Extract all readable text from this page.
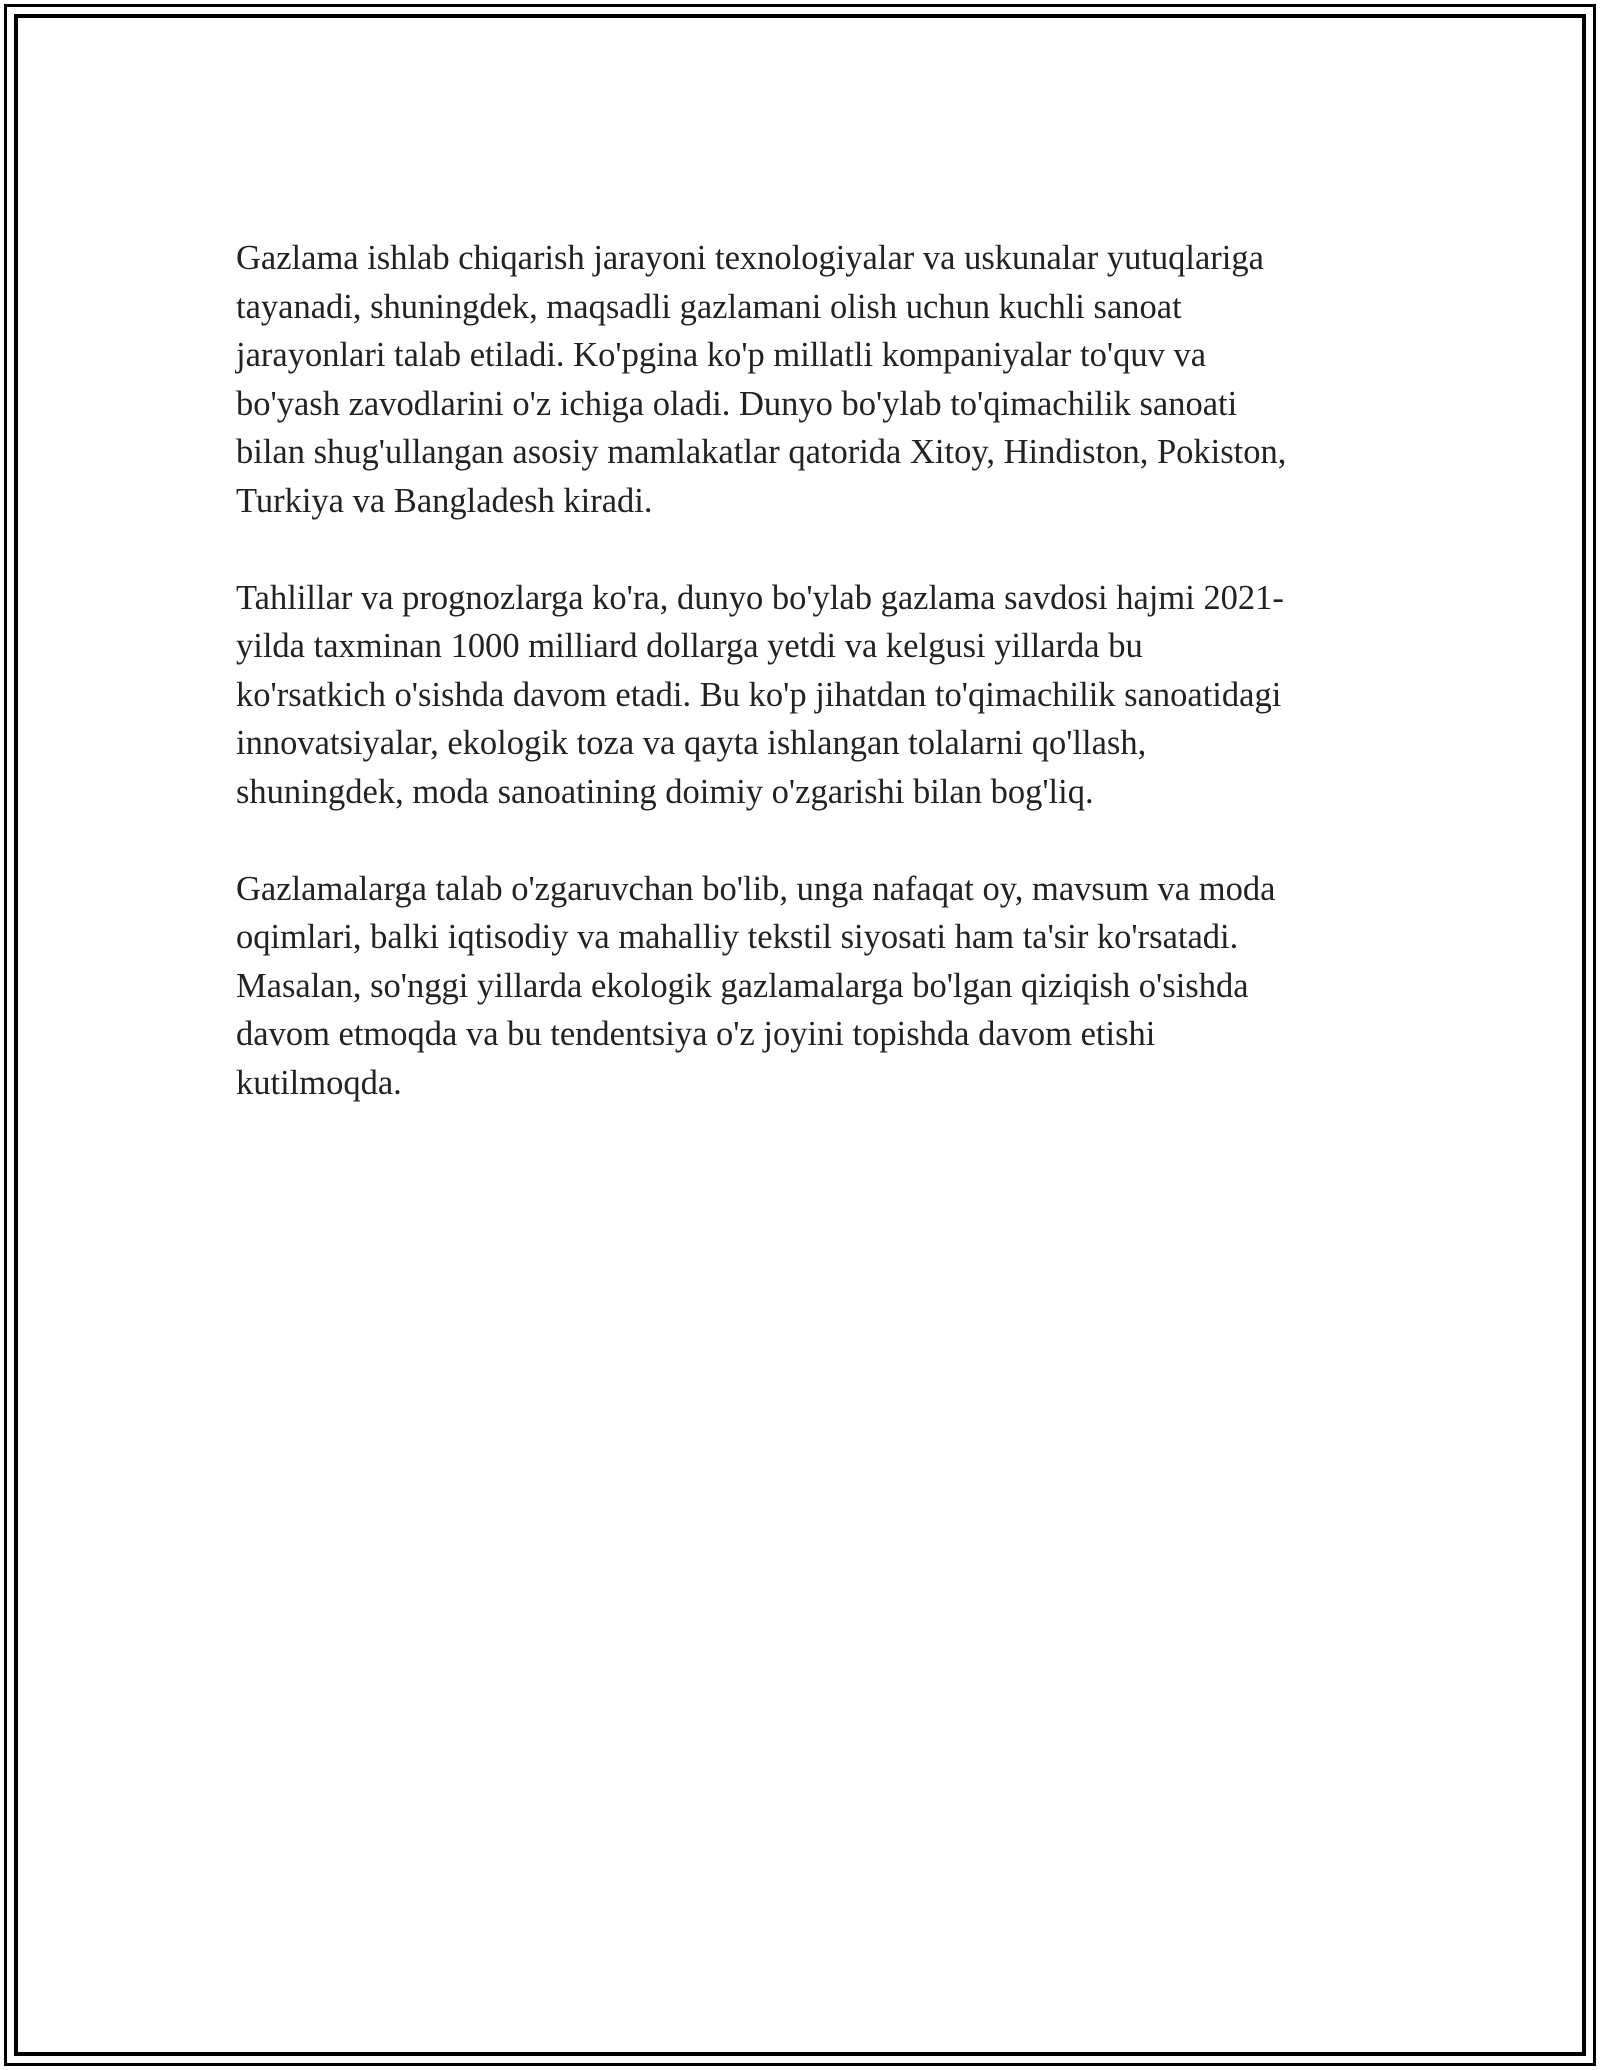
Gazlama ishlab chiqarish jarayoni texnologiyalar va uskunalar yutuqlariga
tayanadi, shuningdek, maqsadli gazlamani olish uchun kuchli sanoat
jarayonlari talab etiladi. Ko'pgina ko'p millatli kompaniyalar to'quv va
bo'yash zavodlarini o'z ichiga oladi. Dunyo bo'ylab to'qimachilik sanoati
bilan shug'ullangan asosiy mamlakatlar qatorida Xitoy, Hindiston, Pokiston,
Turkiya va Bangladesh kiradi.

Tahlillar va prognozlarga ko'ra, dunyo bo'ylab gazlama savdosi hajmi 2021-
yilda taxminan 1000 milliard dollarga yetdi va kelgusi yillarda bu
ko'rsatkich o'sishda davom etadi. Bu ko'p jihatdan to'qimachilik sanoatidagi
innovatsiyalar, ekologik toza va qayta ishlangan tolalarni qo'llash,
shuningdek, moda sanoatining doimiy o'zgarishi bilan bog'liq.

Gazlamalarga talab o'zgaruvchan bo'lib, unga nafaqat oy, mavsum va moda
oqimlari, balki iqtisodiy va mahalliy tekstil siyosati ham ta'sir ko'rsatadi.
Masalan, so'nggi yillarda ekologik gazlamalarga bo'lgan qiziqish o'sishda
davom etmoqda va bu tendentsiya o'z joyini topishda davom etishi
kutilmoqda.
